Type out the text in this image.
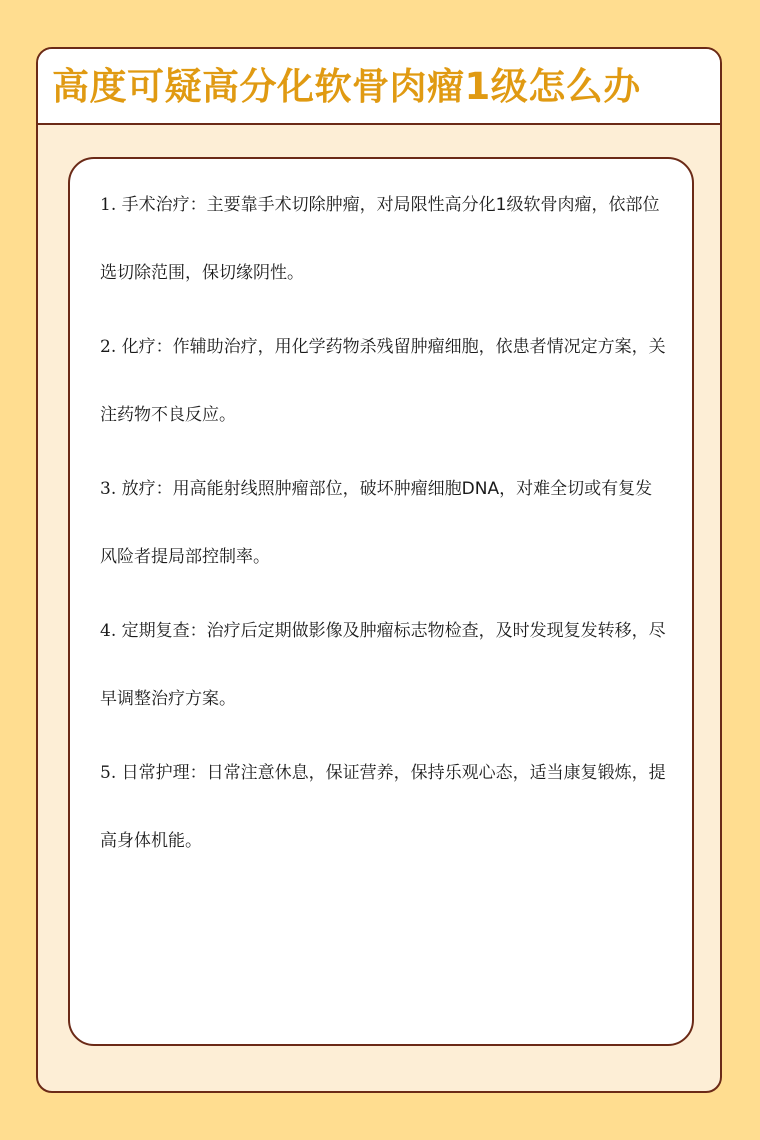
高度可疑高分化软骨肉瘤1级怎么办

1. 手术治疗：主要靠手术切除肿瘤，对局限性高分化1级软骨肉瘤，依部位选切除范围，保切缘阴性。

2. 化疗：作辅助治疗，用化学药物杀残留肿瘤细胞，依患者情况定方案，关注药物不良反应。

3. 放疗：用高能射线照肿瘤部位，破坏肿瘤细胞DNA，对难全切或有复发风险者提局部控制率。

4. 定期复查：治疗后定期做影像及肿瘤标志物检查，及时发现复发转移，尽早调整治疗方案。

5. 日常护理：日常注意休息，保证营养，保持乐观心态，适当康复锻炼，提高身体机能。
